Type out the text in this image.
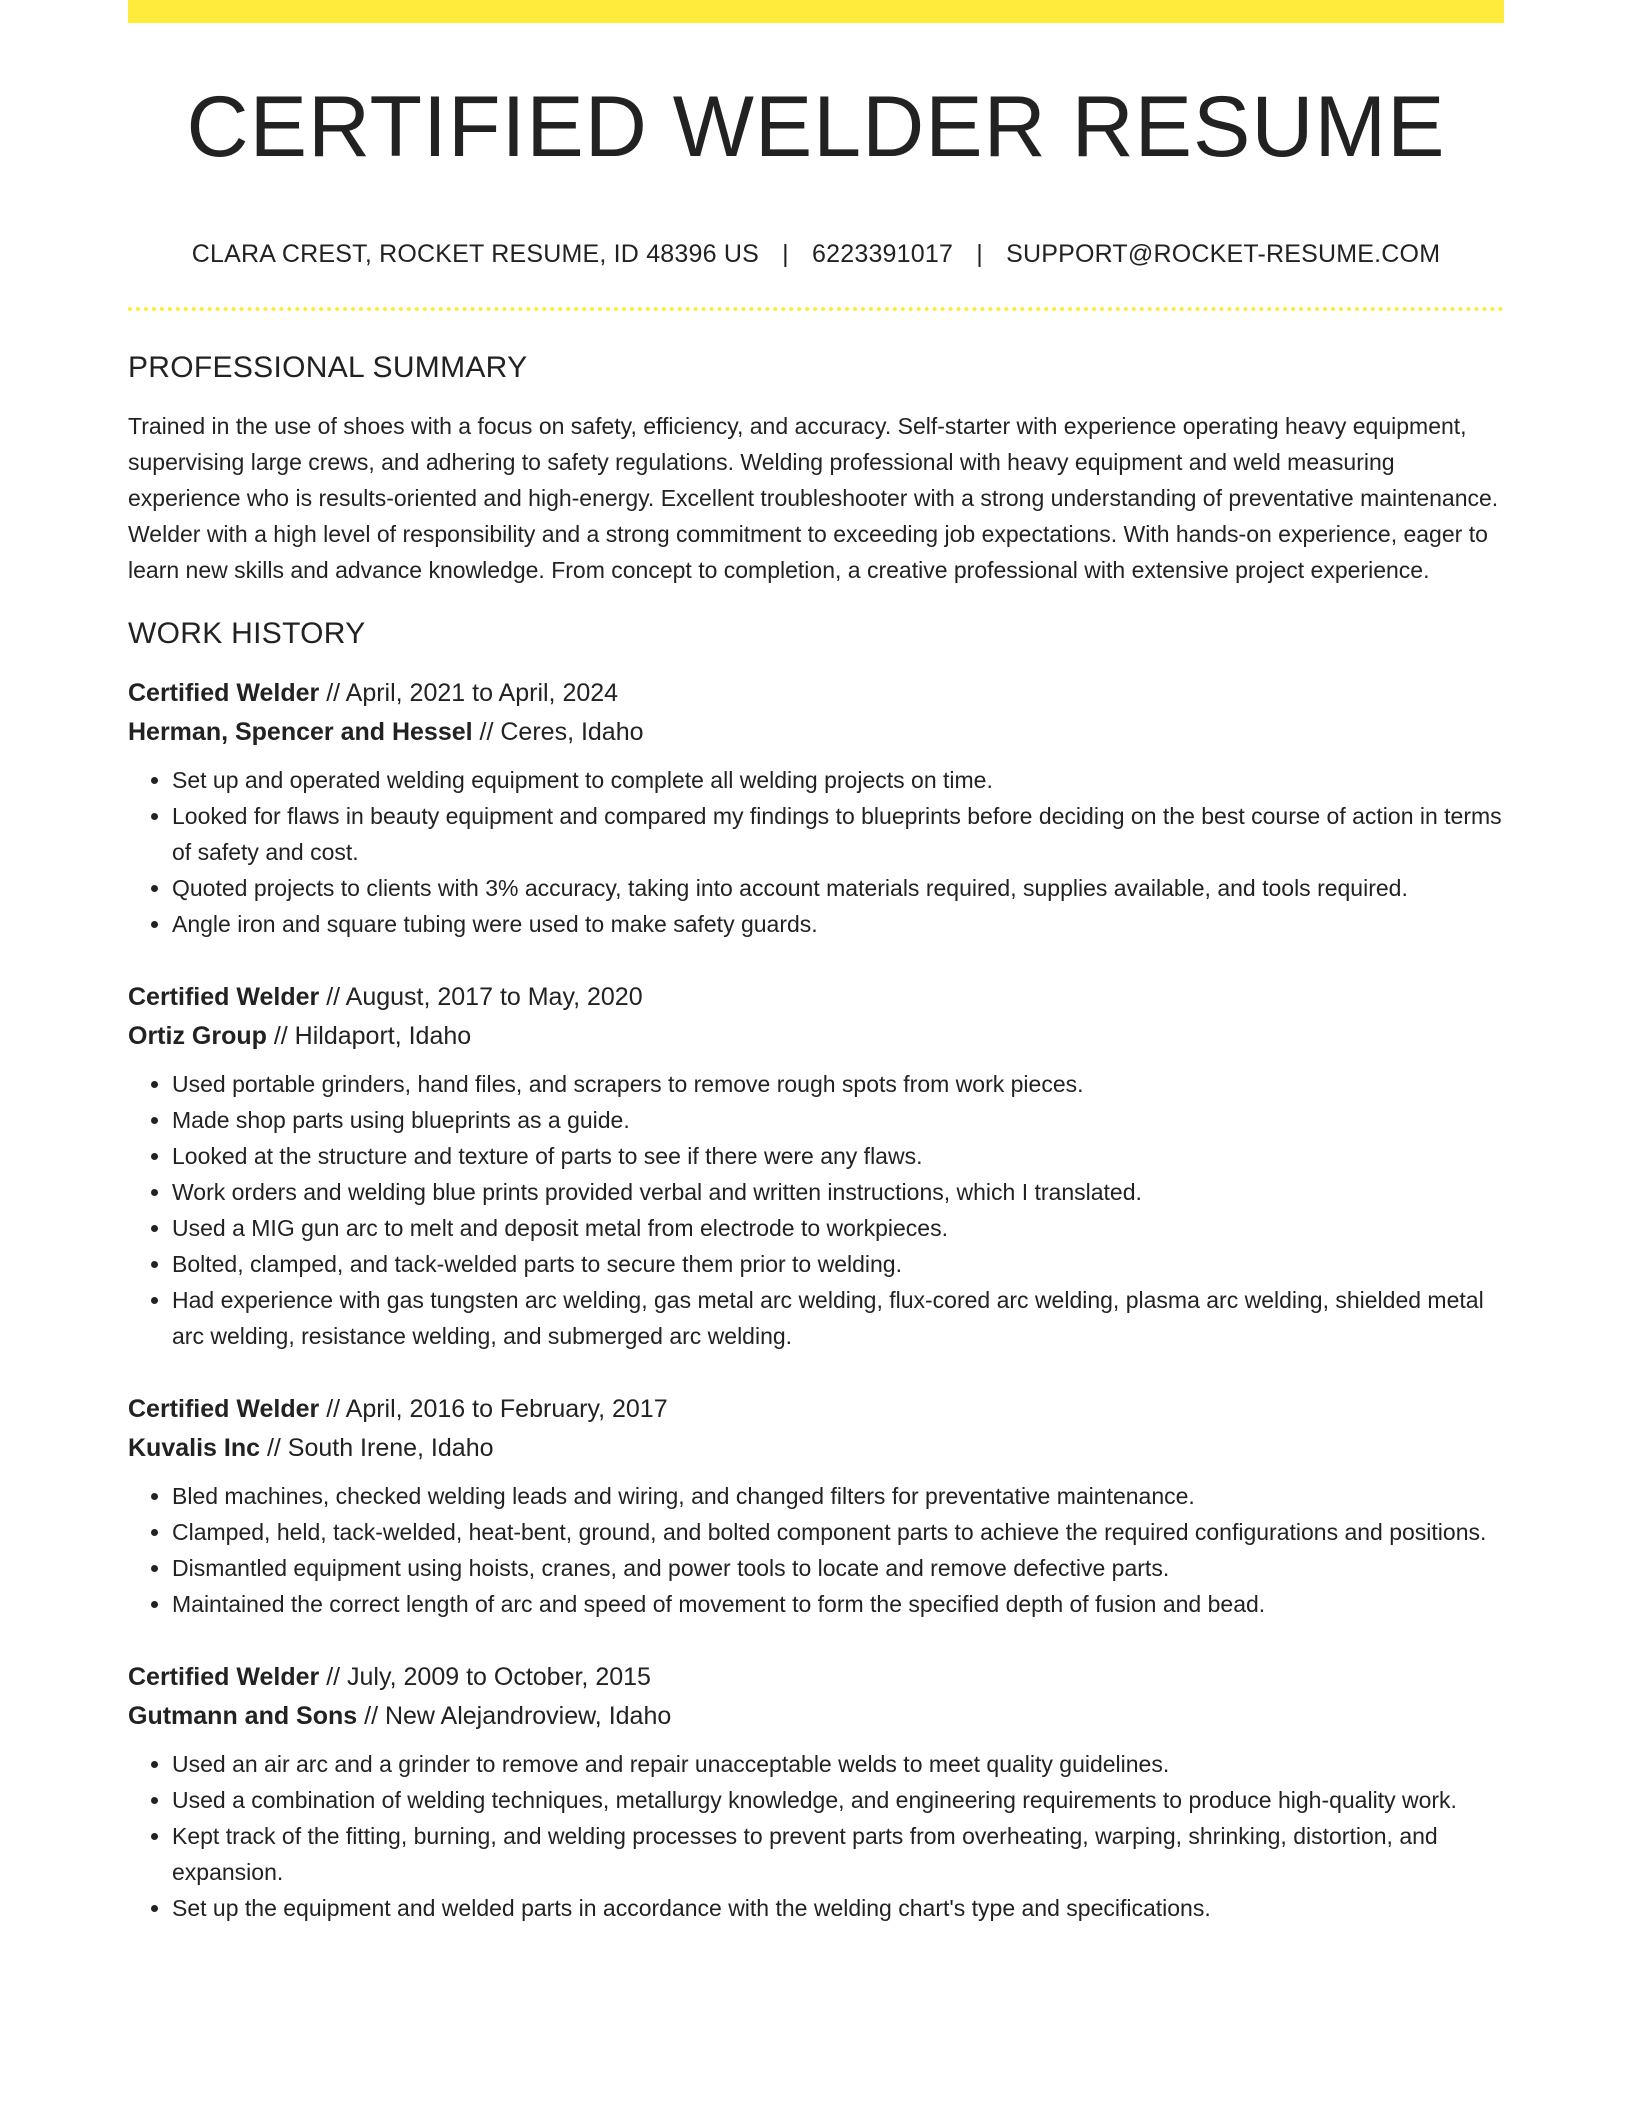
CERTIFIED WELDER RESUME
CLARA CREST, ROCKET RESUME, ID 48396 US | 6223391017 | SUPPORT@ROCKET-RESUME.COM
PROFESSIONAL SUMMARY

Trained in the use of shoes with a focus on safety, efficiency, and accuracy. Self-starter with experience operating heavy equipment, supervising large crews, and adhering to safety regulations. Welding professional with heavy equipment and weld measuring experience who is results-oriented and high-energy. Excellent troubleshooter with a strong understanding of preventative maintenance. Welder with a high level of responsibility and a strong commitment to exceeding job expectations. With hands-on experience, eager to learn new skills and advance knowledge. From concept to completion, a creative professional with extensive project experience.

WORK HISTORY
Certified Welder // April, 2021 to April, 2024
Herman, Spencer and Hessel // Ceres, Idaho
• Set up and operated welding equipment to complete all welding projects on time.
• Looked for flaws in beauty equipment and compared my findings to blueprints before deciding on the best course of action in terms of safety and cost.
• Quoted projects to clients with 3% accuracy, taking into account materials required, supplies available, and tools required.
• Angle iron and square tubing were used to make safety guards.
Certified Welder // August, 2017 to May, 2020
Ortiz Group // Hildaport, Idaho
• Used portable grinders, hand files, and scrapers to remove rough spots from work pieces.
• Made shop parts using blueprints as a guide.
• Looked at the structure and texture of parts to see if there were any flaws.
• Work orders and welding blue prints provided verbal and written instructions, which I translated.
• Used a MIG gun arc to melt and deposit metal from electrode to workpieces.
• Bolted, clamped, and tack-welded parts to secure them prior to welding.
• Had experience with gas tungsten arc welding, gas metal arc welding, flux-cored arc welding, plasma arc welding, shielded metal arc welding, resistance welding, and submerged arc welding.
Certified Welder // April, 2016 to February, 2017
Kuvalis Inc // South Irene, Idaho
• Bled machines, checked welding leads and wiring, and changed filters for preventative maintenance.
• Clamped, held, tack-welded, heat-bent, ground, and bolted component parts to achieve the required configurations and positions.
• Dismantled equipment using hoists, cranes, and power tools to locate and remove defective parts.
• Maintained the correct length of arc and speed of movement to form the specified depth of fusion and bead.
Certified Welder // July, 2009 to October, 2015
Gutmann and Sons // New Alejandroview, Idaho
• Used an air arc and a grinder to remove and repair unacceptable welds to meet quality guidelines.
• Used a combination of welding techniques, metallurgy knowledge, and engineering requirements to produce high-quality work.
• Kept track of the fitting, burning, and welding processes to prevent parts from overheating, warping, shrinking, distortion, and expansion.
• Set up the equipment and welded parts in accordance with the welding chart's type and specifications.
